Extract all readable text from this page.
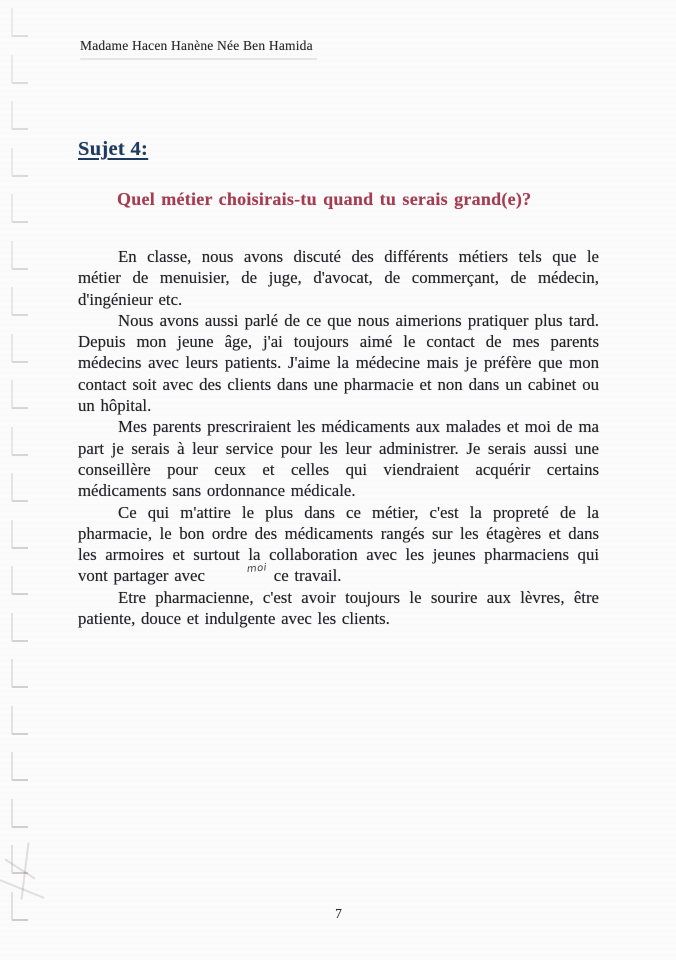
Madame Hacen Hanène Née Ben Hamida
Sujet 4:
Quel métier choisirais-tu quand tu serais grand(e)?

En classe, nous avons discuté des différents métiers tels que le métier de menuisier, de juge, d'avocat, de commerçant, de médecin, d'ingénieur etc.

Nous avons aussi parlé de ce que nous aimerions pratiquer plus tard. Depuis mon jeune âge, j'ai toujours aimé le contact de mes parents médecins avec leurs patients. J'aime la médecine mais je préfère que mon contact soit avec des clients dans une pharmacie et non dans un cabinet ou un hôpital.

Mes parents prescriraient les médicaments aux malades et moi de ma part je serais à leur service pour les leur administrer. Je serais aussi une conseillère pour ceux et celles qui viendraient acquérir certains médicaments sans ordonnance médicale.

Ce qui m'attire le plus dans ce métier, c'est la propreté de la pharmacie, le bon ordre des médicaments rangés sur les étagères et dans les armoires et surtout la collaboration avec les jeunes pharmaciens qui vont partager avec	moi ce travail.

Etre pharmacienne, c'est avoir toujours le sourire aux lèvres, être patiente, douce et indulgente avec les clients.

7
